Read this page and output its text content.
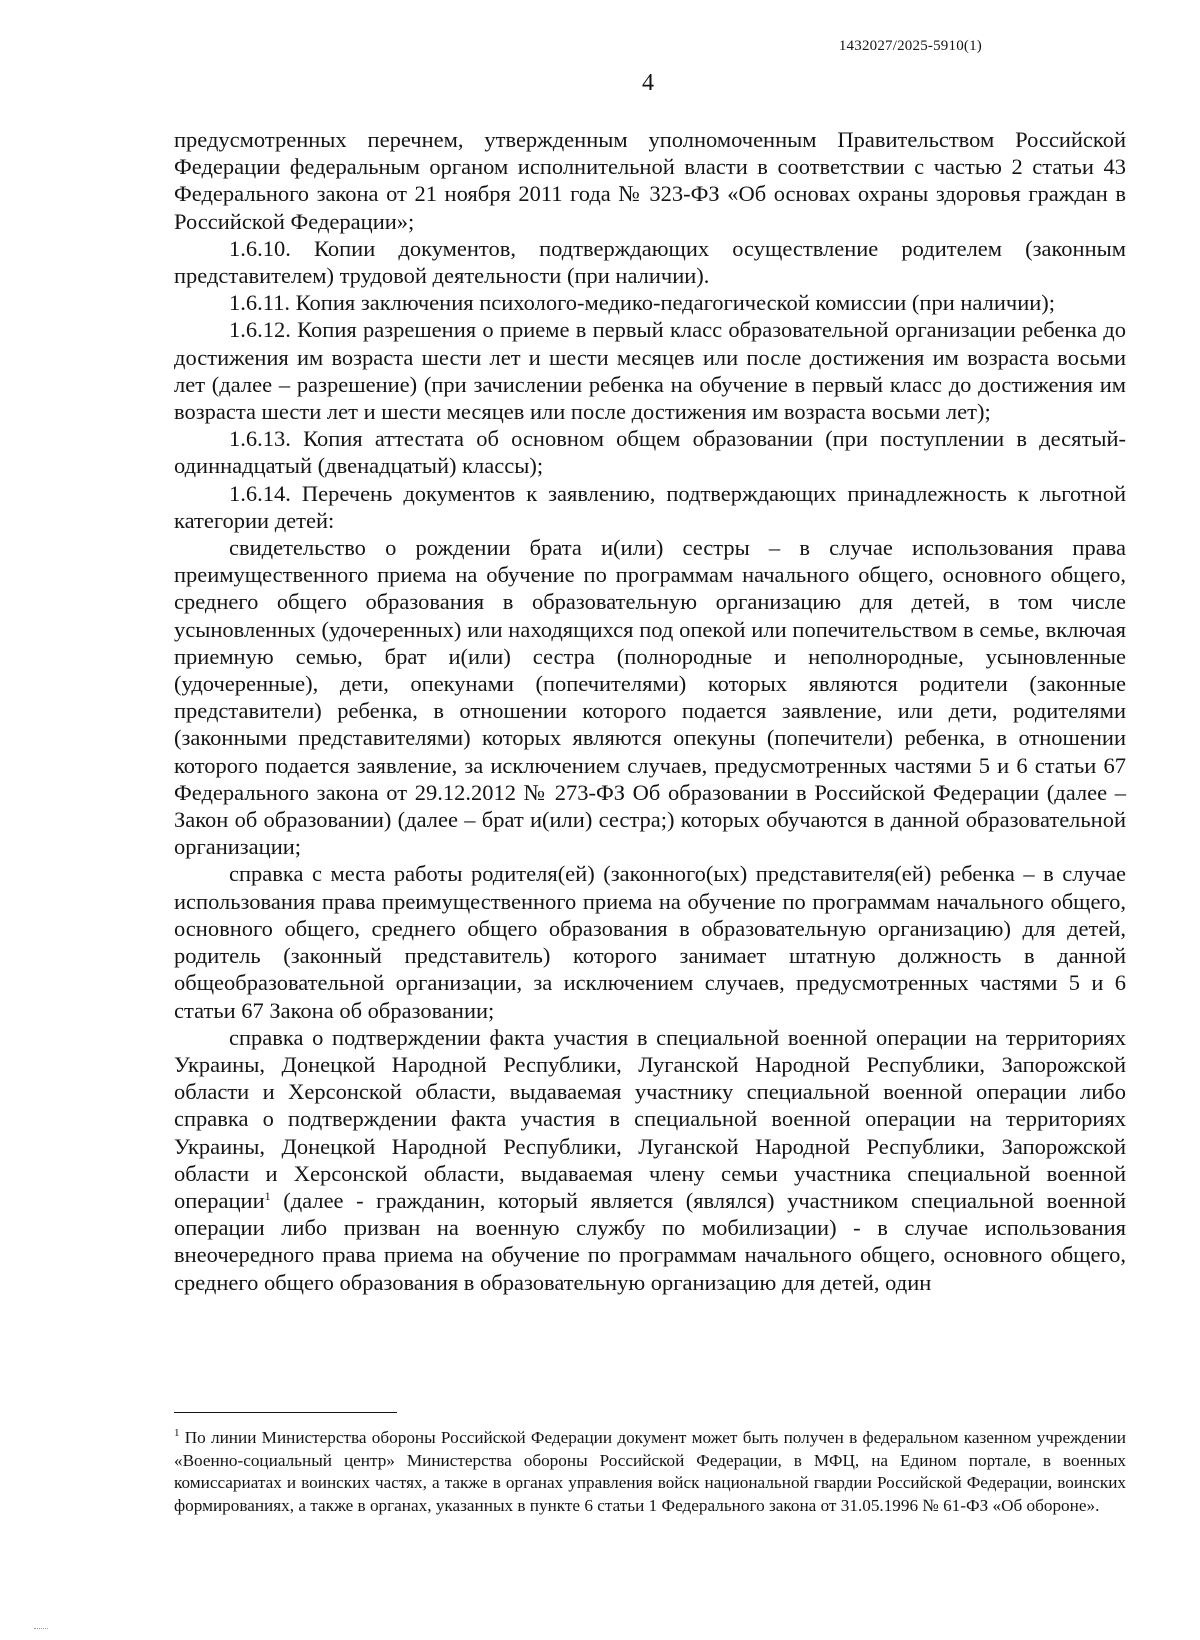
1432027/2025-5910(1)
4

предусмотренных перечнем, утвержденным уполномоченным Правительством Российской Федерации федеральным органом исполнительной власти в соответствии с частью 2 статьи 43 Федерального закона от 21 ноября 2011 года № 323-ФЗ «Об основах охраны здоровья граждан в Российской Федерации»;

1.6.10. Копии документов, подтверждающих осуществление родителем (законным представителем) трудовой деятельности (при наличии).

1.6.11. Копия заключения психолого-медико-педагогической комиссии (при наличии);

1.6.12. Копия разрешения о приеме в первый класс образовательной организации ребенка до достижения им возраста шести лет и шести месяцев или после достижения им возраста восьми лет (далее – разрешение) (при зачислении ребенка на обучение в первый класс до достижения им возраста шести лет и шести месяцев или после достижения им возраста восьми лет);

1.6.13. Копия аттестата об основном общем образовании (при поступлении в десятый-одиннадцатый (двенадцатый) классы);

1.6.14. Перечень документов к заявлению, подтверждающих принадлежность к льготной категории детей:

свидетельство о рождении брата и(или) сестры – в случае использования права преимущественного приема на обучение по программам начального общего, основного общего, среднего общего образования в образовательную организацию для детей, в том числе усыновленных (удочеренных) или находящихся под опекой или попечительством в семье, включая приемную семью, брат и(или) сестра (полнородные и неполнородные, усыновленные (удочеренные), дети, опекунами (попечителями) которых являются родители (законные представители) ребенка, в отношении которого подается заявление, или дети, родителями (законными представителями) которых являются опекуны (попечители) ребенка, в отношении которого подается заявление, за исключением случаев, предусмотренных частями 5 и 6 статьи 67 Федерального закона от 29.12.2012 № 273-ФЗ Об образовании в Российской Федерации (далее – Закон об образовании) (далее – брат и(или) сестра;) которых обучаются в данной образовательной организации;

справка с места работы родителя(ей) (законного(ых) представителя(ей) ребенка – в случае использования права преимущественного приема на обучение по программам начального общего, основного общего, среднего общего образования в образовательную организацию) для детей, родитель (законный представитель) которого занимает штатную должность в данной общеобразовательной организации, за исключением случаев, предусмотренных частями 5 и 6 статьи 67 Закона об образовании;

справка о подтверждении факта участия в специальной военной операции на территориях Украины, Донецкой Народной Республики, Луганской Народной Республики, Запорожской области и Херсонской области, выдаваемая участнику специальной военной операции либо справка о подтверждении факта участия в специальной военной операции на территориях Украины, Донецкой Народной Республики, Луганской Народной Республики, Запорожской области и Херсонской области, выдаваемая члену семьи участника специальной военной операции$^1$ (далее - гражданин, который является (являлся) участником специальной военной операции либо призван на военную службу по мобилизации) - в случае использования внеочередного права приема на обучение по программам начального общего, основного общего, среднего общего образования в образовательную организацию для детей, один

$^1$ По линии Министерства обороны Российской Федерации документ может быть получен в федеральном казенном учреждении «Военно-социальный центр» Министерства обороны Российской Федерации, в МФЦ, на Едином портале, в военных комиссариатах и воинских частях, а также в органах управления войск национальной гвардии Российской Федерации, воинских формированиях, а также в органах, указанных в пункте 6 статьи 1 Федерального закона от 31.05.1996 № 61-ФЗ «Об обороне».
